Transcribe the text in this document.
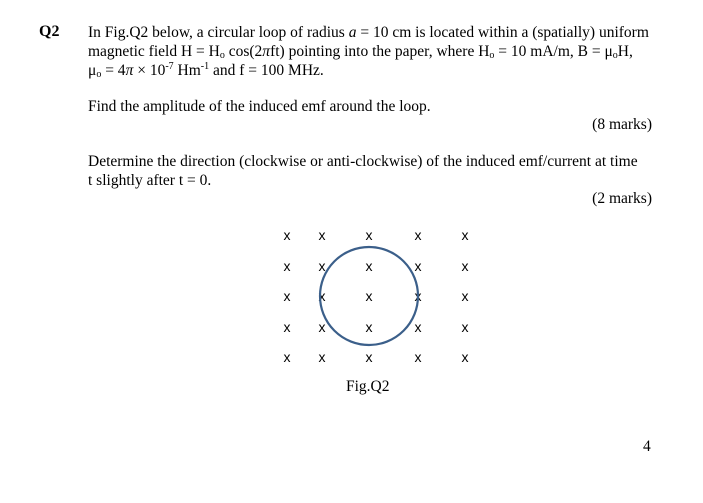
Q2 In Fig.Q2 below, a circular loop of radius a = 10 cm is located within a (spatially) uniform
magnetic field $H = H_o$ cos(2πft) pointing into the paper, where $H_o = 10$ mA/m, $B = \mu_oH$,
$\mu_o = 4\pi \times 10^{-7}$ $Hm^{-1}$ and f = 100 MHz.
Find the amplitude of the induced emf around the loop.
(8 marks)
Determine the direction (clockwise or anti-clockwise) of the induced emf/current at time
t slightly after t = 0.
(2 marks)
x x	x	x	x
x x	x	x	x
x x	x	x	x
x x	x	x	x
x x	x	x	x
Fig.Q2
4
